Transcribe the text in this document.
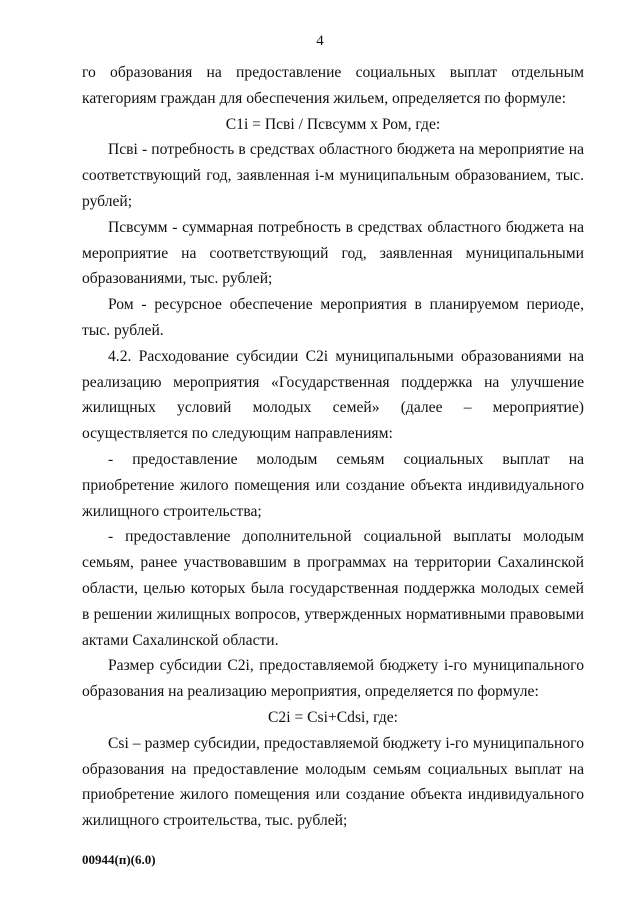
4

го образования на предоставление социальных выплат отдельным категориям граждан для обеспечения жильем, определяется по формуле:

С1i = Псвi / Псвсумм х Ром, где:

Псвi - потребность в средствах областного бюджета на мероприятие на соответствующий год, заявленная i-м муниципальным образованием, тыс. рублей;

Псвсумм - суммарная потребность в средствах областного бюджета на мероприятие на соответствующий год, заявленная муниципальными образованиями, тыс. рублей;

Ром - ресурсное обеспечение мероприятия в планируемом периоде, тыс. рублей.

4.2. Расходование субсидии С2i муниципальными образованиями на реализацию мероприятия «Государственная поддержка на улучшение жилищных условий молодых семей» (далее – мероприятие) осуществляется по следующим направлениям:

- предоставление молодым семьям социальных выплат на приобретение жилого помещения или создание объекта индивидуального жилищного строительства;

- предоставление дополнительной социальной выплаты молодым семьям, ранее участвовавшим в программах на территории Сахалинской области, целью которых была государственная поддержка молодых семей в решении жилищных вопросов, утвержденных нормативными правовыми актами Сахалинской области.

Размер субсидии С2i, предоставляемой бюджету i-го муниципального образования на реализацию мероприятия, определяется по формуле:

С2i = Сsi+Сdsi, где:

Сsi – размер субсидии, предоставляемой бюджету i-го муниципального образования на предоставление молодым семьям социальных выплат на приобретение жилого помещения или создание объекта индивидуального жилищного строительства, тыс. рублей;

00944(п)(6.0)
